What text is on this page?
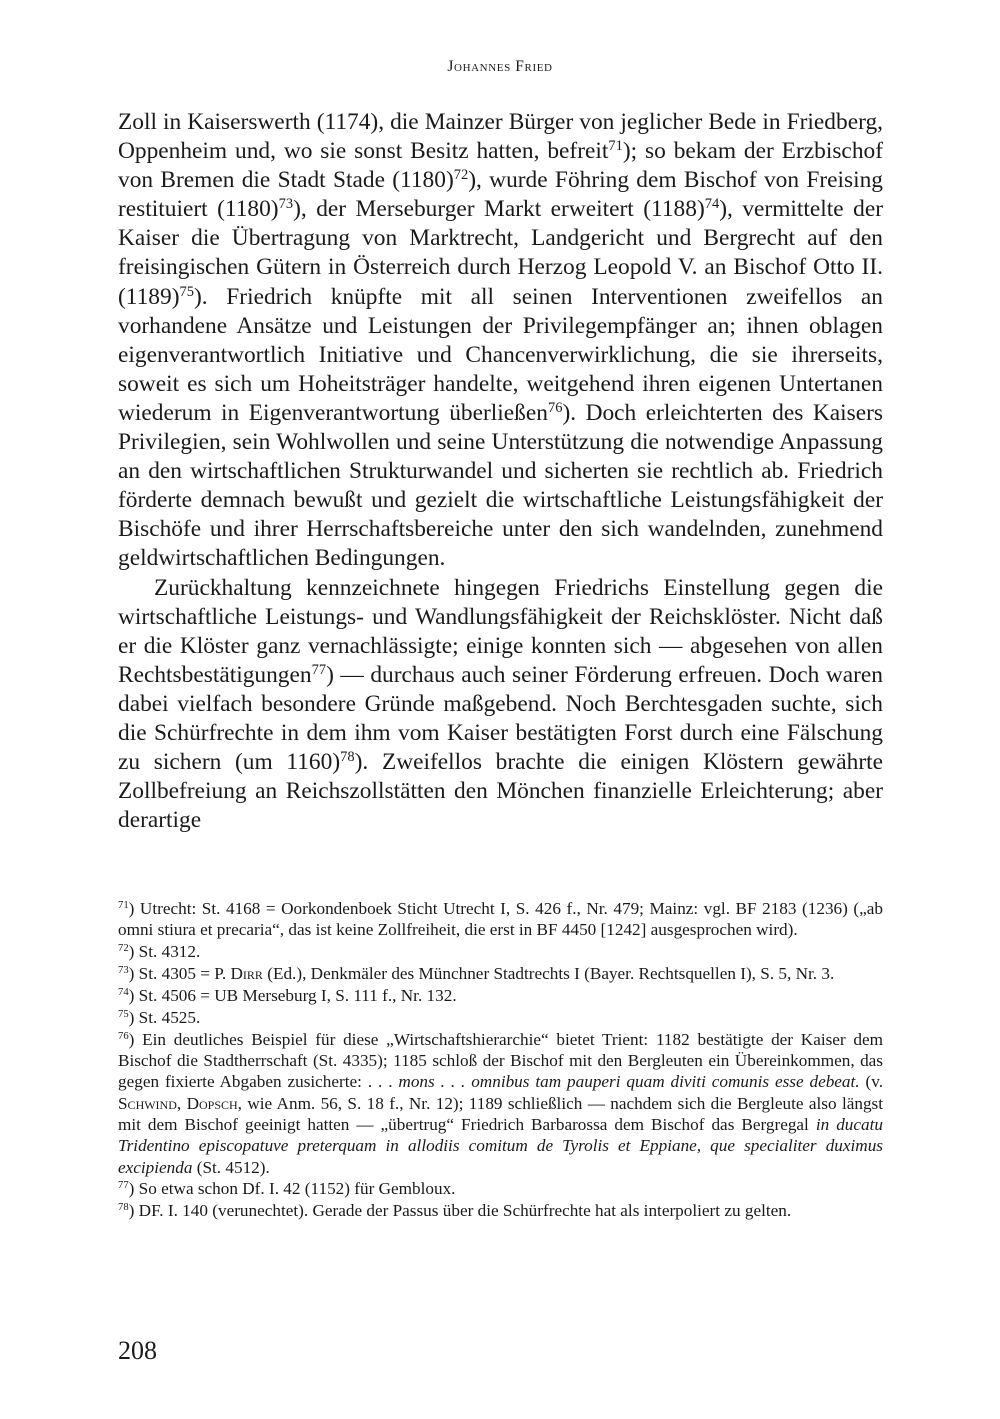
Johannes Fried

Zoll in Kaiserswerth (1174), die Mainzer Bürger von jeglicher Bede in Friedberg, Oppenheim und, wo sie sonst Besitz hatten, befreit$^{71}$); so bekam der Erzbischof von Bremen die Stadt Stade $(1180)^{72}$), wurde Föhring dem Bischof von Freising restituiert $(1180)^{73}$), der Merseburger Markt erweitert $(1188)^{74}$), vermittelte der Kaiser die Übertragung von Marktrecht, Landgericht und Bergrecht auf den freisingischen Gütern in Österreich durch Herzog Leopold V. an Bischof Otto II. $(1189)^{75}$). Friedrich knüpfte mit all seinen Interventionen zweifellos an vorhandene Ansätze und Leistungen der Privilegempfänger an; ihnen oblagen eigenverantwortlich Initiative und Chancenverwirklichung, die sie ihrerseits, soweit es sich um Hoheitsträger handelte, weitgehend ihren eigenen Untertanen wiederum in Eigenverantwortung überließen$^{76}$). Doch erleichterten des Kaisers Privilegien, sein Wohlwollen und seine Unterstützung die notwendige Anpassung an den wirtschaftlichen Strukturwandel und sicherten sie rechtlich ab. Friedrich förderte demnach bewußt und gezielt die wirtschaftliche Leistungsfähigkeit der Bischöfe und ihrer Herrschaftsbereiche unter den sich wandelnden, zunehmend geldwirtschaftlichen Bedingungen.

Zurückhaltung kennzeichnete hingegen Friedrichs Einstellung gegen die wirtschaftliche Leistungs- und Wandlungsfähigkeit der Reichsklöster. Nicht daß er die Klöster ganz vernachlässigte; einige konnten sich — abgesehen von allen Rechtsbestätigungen$^{77}$) — durchaus auch seiner Förderung erfreuen. Doch waren dabei vielfach besondere Gründe maßgebend. Noch Berchtesgaden suchte, sich die Schürfrechte in dem ihm vom Kaiser bestätigten Forst durch eine Fälschung zu sichern (um 1160)$^{78}$). Zweifellos brachte die einigen Klöstern gewährte Zollbefreiung an Reichszollstätten den Mönchen finanzielle Erleichterung; aber derartige

$^{71}$) Utrecht: St. 4168 = Oorkondenboek Sticht Utrecht I, S. 426 f., Nr. 479; Mainz: vgl. BF 2183 (1236) („ab omni stiura et precaria“, das ist keine Zollfreiheit, die erst in BF 4450 [1242] ausgesprochen wird).
$^{72}$) St. 4312.
$^{73}$) St. 4305 = P. Dirr (Ed.), Denkmäler des Münchner Stadtrechts I (Bayer. Rechtsquellen I), S. 5, Nr. 3.
$^{74}$) St. 4506 = UB Merseburg I, S. 111 f., Nr. 132.
$^{75}$) St. 4525.
$^{76}$) Ein deutliches Beispiel für diese „Wirtschaftshierarchie“ bietet Trient: 1182 bestätigte der Kaiser dem Bischof die Stadtherrschaft (St. 4335); 1185 schloß der Bischof mit den Bergleuten ein Übereinkommen, das gegen fixierte Abgaben zusicherte: . . . mons . . . omnibus tam pauperi quam diviti comunis esse debeat. (v. Schwind, Dopsch, wie Anm. 56, S. 18 f., Nr. 12); 1189 schließlich — nachdem sich die Bergleute also längst mit dem Bischof geeinigt hatten — „übertrug“ Friedrich Barbarossa dem Bischof das Bergregal in ducatu Tridentino episcopatuve preterquam in allodiis comitum de Tyrolis et Eppiane, que specialiter duximus excipienda (St. 4512).
$^{77}$) So etwa schon Df. I. 42 (1152) für Gembloux.
$^{78}$) DF. I. 140 (verunechtet). Gerade der Passus über die Schürfrechte hat als interpoliert zu gelten.
208
